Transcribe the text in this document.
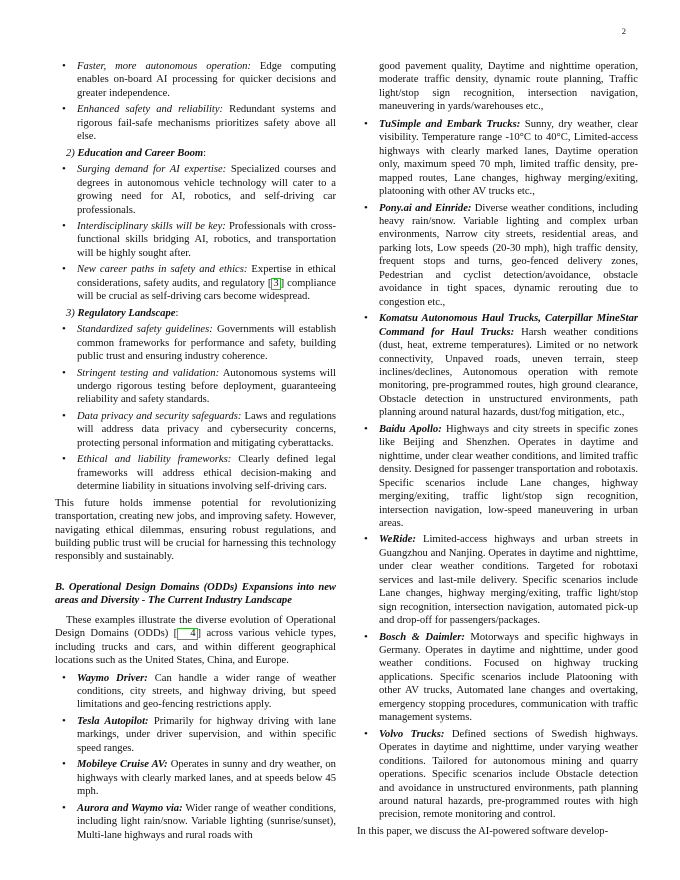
2
• Faster, more autonomous operation: Edge computing enables on-board AI processing for quicker decisions and greater independence.
• Enhanced safety and reliability: Redundant systems and rigorous fail-safe mechanisms prioritizes safety above all else.
2) Education and Career Boom:
• Surging demand for AI expertise: Specialized courses and degrees in autonomous vehicle technology will cater to a growing need for AI, robotics, and self-driving car professionals.
• Interdisciplinary skills will be key: Professionals with cross-functional skills bridging AI, robotics, and transportation will be highly sought after.
• New career paths in safety and ethics: Expertise in ethical considerations, safety audits, and regulatory [ 3 ] compliance will be crucial as self-driving cars become widespread.
3) Regulatory Landscape:
• Standardized safety guidelines: Governments will establish common frameworks for performance and safety, building public trust and ensuring industry coherence.
• Stringent testing and validation: Autonomous systems will undergo rigorous testing before deployment, guaranteeing reliability and safety standards.
• Data privacy and security safeguards: Laws and regulations will address data privacy and cybersecurity concerns, protecting personal information and mitigating cyberattacks.
• Ethical and liability frameworks: Clearly defined legal frameworks will address ethical decision-making and determine liability in situations involving self-driving cars.

This future holds immense potential for revolutionizing transportation, creating new jobs, and improving safety. However, navigating ethical dilemmas, ensuring robust regulations, and building public trust will be crucial for harnessing this technology responsibly and sustainably.

B. Operational Design Domains (ODDs) Expansions into new areas and Diversity - The Current Industry Landscape

These examples illustrate the diverse evolution of Operational Design Domains (ODDs) [ 4 ] across various vehicle types, including trucks and cars, and within different geographical locations such as the United States, China, and Europe.

• Waymo Driver: Can handle a wider range of weather conditions, city streets, and highway driving, but speed limitations and geo-fencing restrictions apply.
• Tesla Autopilot: Primarily for highway driving with lane markings, under driver supervision, and within specific speed ranges.
• Mobileye Cruise AV: Operates in sunny and dry weather, on highways with clearly marked lanes, and at speeds below 45 mph.
• Aurora and Waymo via: Wider range of weather conditions, including light rain/snow. Variable lighting (sunrise/sunset), Multi-lane highways and rural roads with

good pavement quality, Daytime and nighttime operation, moderate traffic density, dynamic route planning, Traffic light/stop sign recognition, intersection navigation, maneuvering in yards/warehouses etc.,

• TuSimple and Embark Trucks: Sunny, dry weather, clear visibility. Temperature range -10°C to 40°C, Limited-access highways with clearly marked lanes, Daytime operation only, maximum speed 70 mph, limited traffic density, pre-mapped routes, Lane changes, highway merging/exiting, platooning with other AV trucks etc.,
• Pony.ai and Einride: Diverse weather conditions, including heavy rain/snow. Variable lighting and complex urban environments, Narrow city streets, residential areas, and parking lots, Low speeds (20-30 mph), high traffic density, frequent stops and turns, geo-fenced delivery zones, Pedestrian and cyclist detection/avoidance, obstacle avoidance in tight spaces, dynamic rerouting due to congestion etc.,
• Komatsu Autonomous Haul Trucks, Caterpillar MineStar Command for Haul Trucks: Harsh weather conditions (dust, heat, extreme temperatures). Limited or no network connectivity, Unpaved roads, uneven terrain, steep inclines/declines, Autonomous operation with remote monitoring, pre-programmed routes, high ground clearance, Obstacle detection in unstructured environments, path planning around natural hazards, dust/fog mitigation, etc.,
• Baidu Apollo: Highways and city streets in specific zones like Beijing and Shenzhen. Operates in daytime and nighttime, under clear weather conditions, and limited traffic density. Designed for passenger transportation and robotaxis. Specific scenarios include Lane changes, highway merging/exiting, traffic light/stop sign recognition, intersection navigation, low-speed maneuvering in urban areas.
• WeRide: Limited-access highways and urban streets in Guangzhou and Nanjing. Operates in daytime and nighttime, under clear weather conditions. Targeted for robotaxi services and last-mile delivery. Specific scenarios include Lane changes, highway merging/exiting, traffic light/stop sign recognition, intersection navigation, automated pick-up and drop-off for passengers/packages.
• Bosch & Daimler: Motorways and specific highways in Germany. Operates in daytime and nighttime, under good weather conditions. Focused on highway trucking applications. Specific scenarios include Platooning with other AV trucks, Automated lane changes and overtaking, emergency stopping procedures, communication with traffic management systems.
• Volvo Trucks: Defined sections of Swedish highways. Operates in daytime and nighttime, under varying weather conditions. Tailored for autonomous mining and quarry operations. Specific scenarios include Obstacle detection and avoidance in unstructured environments, path planning around natural hazards, pre-programmed routes with high precision, remote monitoring and control.

In this paper, we discuss the AI-powered software develop-
